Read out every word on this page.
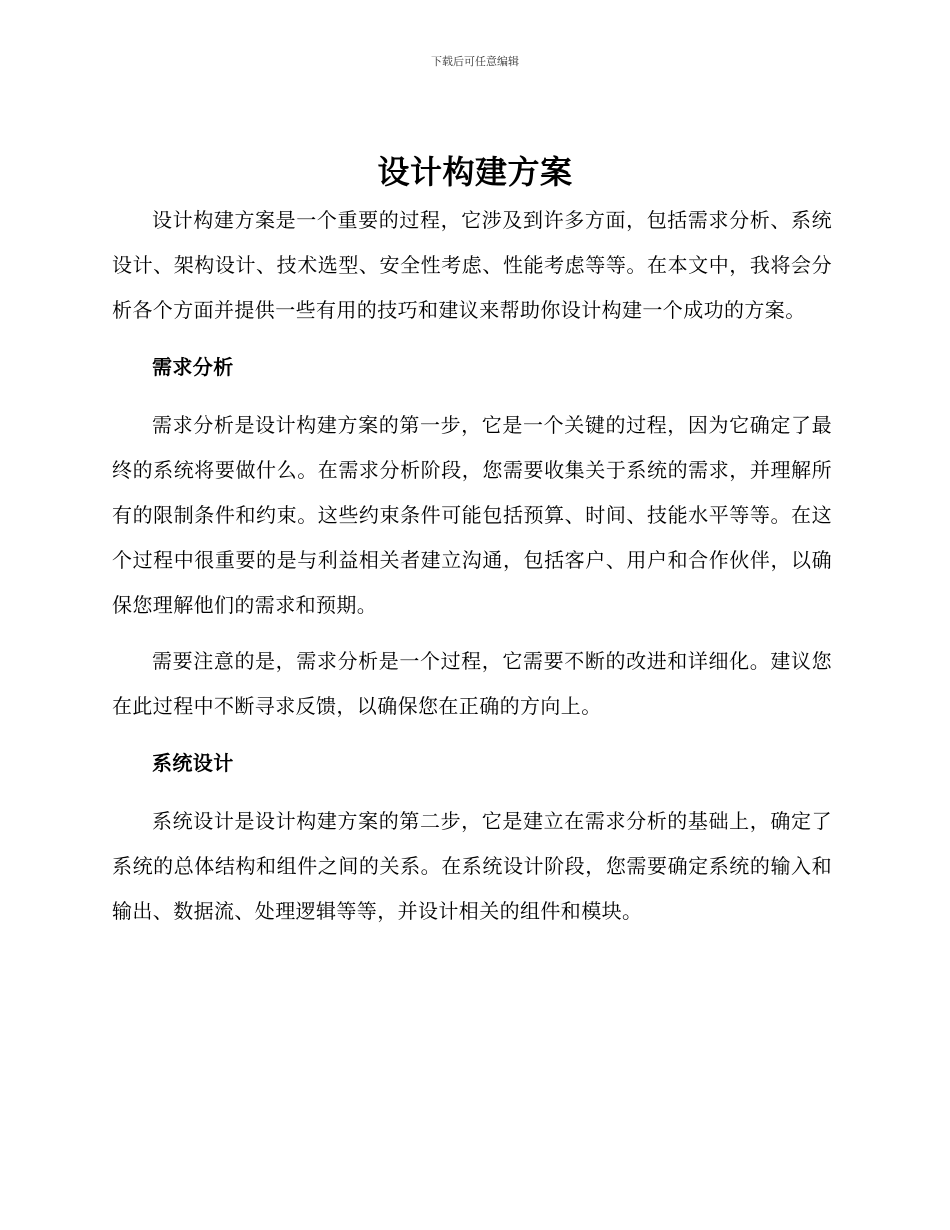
下载后可任意编辑
设计构建方案

设计构建方案是一个重要的过程，它涉及到许多方面，包括需求分析、系统设计、架构设计、技术选型、安全性考虑、性能考虑等等。在本文中，我将会分析各个方面并提供一些有用的技巧和建议来帮助你设计构建一个成功的方案。

需求分析

需求分析是设计构建方案的第一步，它是一个关键的过程，因为它确定了最终的系统将要做什么。在需求分析阶段，您需要收集关于系统的需求，并理解所有的限制条件和约束。这些约束条件可能包括预算、时间、技能水平等等。在这个过程中很重要的是与利益相关者建立沟通，包括客户、用户和合作伙伴，以确保您理解他们的需求和预期。

需要注意的是，需求分析是一个过程，它需要不断的改进和详细化。建议您在此过程中不断寻求反馈，以确保您在正确的方向上。

系统设计

系统设计是设计构建方案的第二步，它是建立在需求分析的基础上，确定了系统的总体结构和组件之间的关系。在系统设计阶段，您需要确定系统的输入和输出、数据流、处理逻辑等等，并设计相关的组件和模块。
